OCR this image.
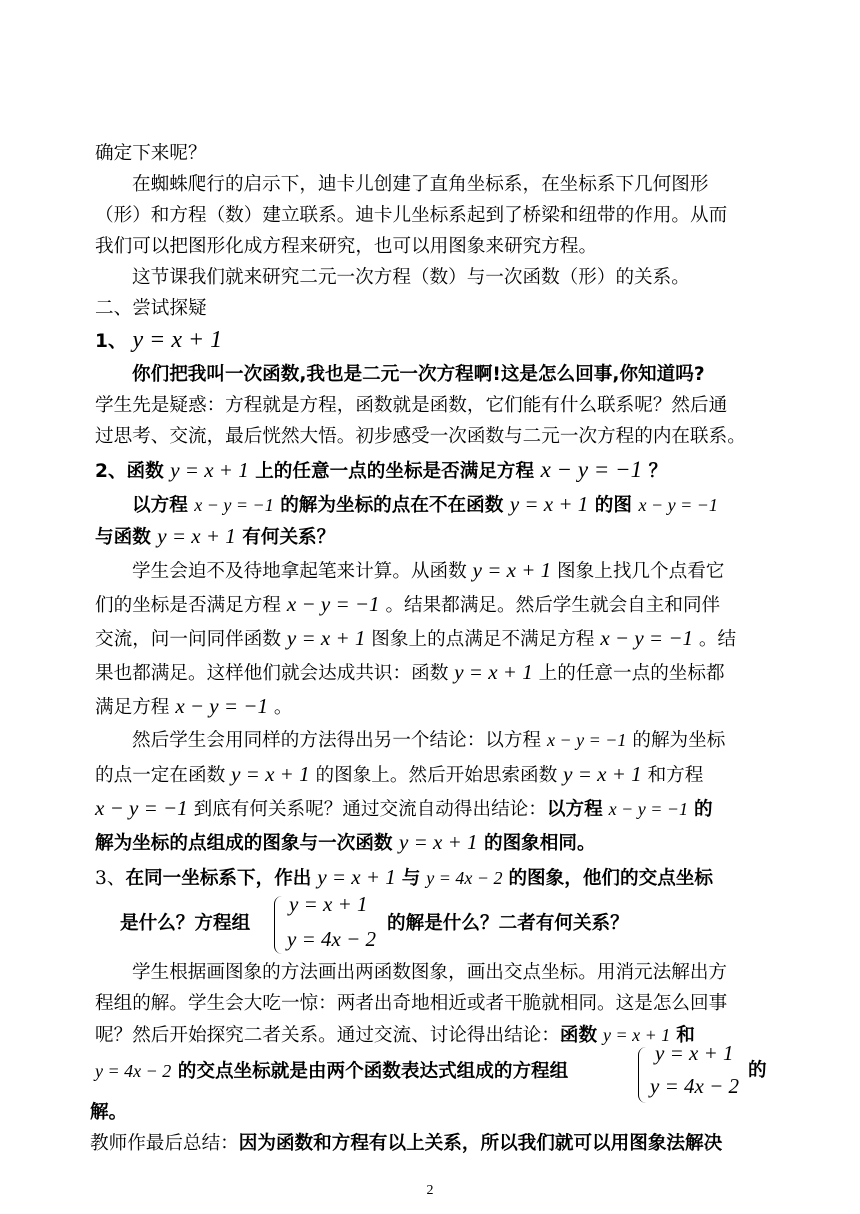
确定下来呢？
在蜘蛛爬行的启示下，迪卡儿创建了直角坐标系，在坐标系下几何图形
（形）和方程（数）建立联系。迪卡儿坐标系起到了桥梁和纽带的作用。从而
我们可以把图形化成方程来研究，也可以用图象来研究方程。
这节课我们就来研究二元一次方程（数）与一次函数（形）的关系。
二、尝试探疑
1、 y = x + 1
你们把我叫一次函数,我也是二元一次方程啊!这是怎么回事,你知道吗?
学生先是疑惑：方程就是方程，函数就是函数，它们能有什么联系呢？然后通
过思考、交流，最后恍然大悟。初步感受一次函数与二元一次方程的内在联系。
2、函数 y = x + 1 上的任意一点的坐标是否满足方程 x − y = −1 ？
以方程 x − y = −1 的解为坐标的点在不在函数 y = x + 1 的图 x − y = −1
与函数 y = x + 1 有何关系？
学生会迫不及待地拿起笔来计算。从函数 y = x + 1 图象上找几个点看它
们的坐标是否满足方程 x − y = −1 。结果都满足。然后学生就会自主和同伴
交流，问一问同伴函数 y = x + 1 图象上的点满足不满足方程 x − y = −1 。结
果也都满足。这样他们就会达成共识：函数 y = x + 1 上的任意一点的坐标都
满足方程 x − y = −1 。
然后学生会用同样的方法得出另一个结论：以方程 x − y = −1 的解为坐标
的点一定在函数 y = x + 1 的图象上。然后开始思索函数 y = x + 1 和方程
x − y = −1 到底有何关系呢？通过交流自动得出结论：以方程 x − y = −1 的
解为坐标的点组成的图象与一次函数 y = x + 1 的图象相同。
3、在同一坐标系下，作出 y = x + 1 与 y = 4x − 2 的图象，他们的交点坐标
是什么？方程组
y = x + 1
y = 4x − 2
的解是什么？二者有何关系？
学生根据画图象的方法画出两函数图象，画出交点坐标。用消元法解出方
程组的解。学生会大吃一惊：两者出奇地相近或者干脆就相同。这是怎么回事
呢？然后开始探究二者关系。通过交流、讨论得出结论：函数 y = x + 1 和
y = 4x − 2 的交点坐标就是由两个函数表达式组成的方程组
y = x + 1
y = 4x − 2
的
解。
教师作最后总结：因为函数和方程有以上关系，所以我们就可以用图象法解决
2
